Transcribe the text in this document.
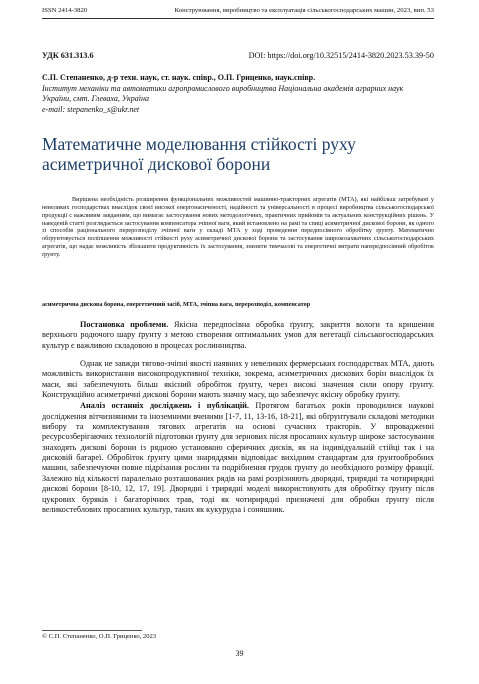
ISSN 2414-3820	Конструювання, виробництво та експлуатація сільськогосподарських машин, 2023, вип. 53
УДК 631.313.6	DOI: https://doi.org/10.32515/2414-3820.2023.53.39-50
С.П. Степаненко, д-р техн. наук, ст. наук. співр., О.П. Гриценко, наук.співр.
Інститут механіки та автоматики агропромислового виробництва Національна академія аграрних наук України, смт. Глеваха, Україна
e-mail: stepanenko_s@ukr.net
Математичне моделювання стійкості руху асиметричної дискової борони
Вирішена необхідність розширення функціональних можливостей машинно-тракторних агрегатів (МТА), які найбільш затребувані у невеликих господарствах внаслідок своєї високої енергонасиченості, надійності та універсальності в процесі виробництва сільськогосподарської продукції с важливим завданням, що вимагає застосування нових методологічних, практичних прийомів та актуальних конструкційних рішень. У наведеній статті розглядається застосування компенсатора зчіпної ваги, який встановлено на рамі та спиці асиметричної дискової борони, як одного зі способів раціонального перерозподілу зчіпної ваги у складі МТА у ході проведення передпосівного обробітку ґрунту. Математично обґрунтовується поліпшення можливості стійкості руху асиметричної дискової борони та застосування широкозахватних сільськогосподарських агрегатів, що надає можливість збільшити продуктивність їх застосування, знизити тимчасові та енергетичні витрати напередпосівний обробіток ґрунту.
асиметрична дискова борона, енергетичний засіб, МТА, зчіпна вага, перерозподіл, компенсатор

Постановка проблеми. Якісна передпосівна обробка ґрунту, закриття вологи та кришення верхнього родючого шару ґрунту з метою створення оптимальних умов для вегетації сільськогосподарських культур є важливою складовою в процесах рослинництва.

Однак не завжди тягово-зчіпні якості наявних у невеликих фермерських господарствах МТА, дають можливість використання високопродуктивної техніки, зокрема, асиметричних дискових борін внаслідок їх маси, які забезпечують більш якісний обробіток ґрунту, через високі значення сили опору ґрунту. Конструкційно асиметричні дискові борони мають значну масу, що забезпечує якісну обробку ґрунту.

Аналіз останніх досліджень і публікацій. Протягом багатьох років проводилися наукові дослідження вітчизняними та іноземними вченими [1-7, 11, 13-16, 18-21], які обґрунтували складові методики вибору та комплектування тягових агрегатів на основі сучасних тракторів. У впровадженні ресурсозберігаючих технологій підготовки ґрунту для зернових після просапних культур широке застосування знаходять дискові борони із рядною установкою сферичних дисків, як на індивідуальній стійці так і на дисковій батареї. Обробіток ґрунту цими знаряддями відповідає вихідним стандартам для ґрунтообробних машин, забезпечуючи повне підрізання рослин та подрібнення грудок ґрунту до необхідного розміру фракції. Залежно від кількості паралельно розташованих рядів на рамі розрізняють дворядні, трирядні та чотирирядні дискові борони [8-10, 12, 17, 19]. Дворядні і трирядні моделі використовують для обробітку ґрунту після цукрових буряків і багаторічних трав, тоді як чотирирядні призначені для обробки ґрунту після великостеблових просапних культур, таких як кукурудза і соняшник.

© С.П. Степаненко, О.П. Гриценко, 2023
39
